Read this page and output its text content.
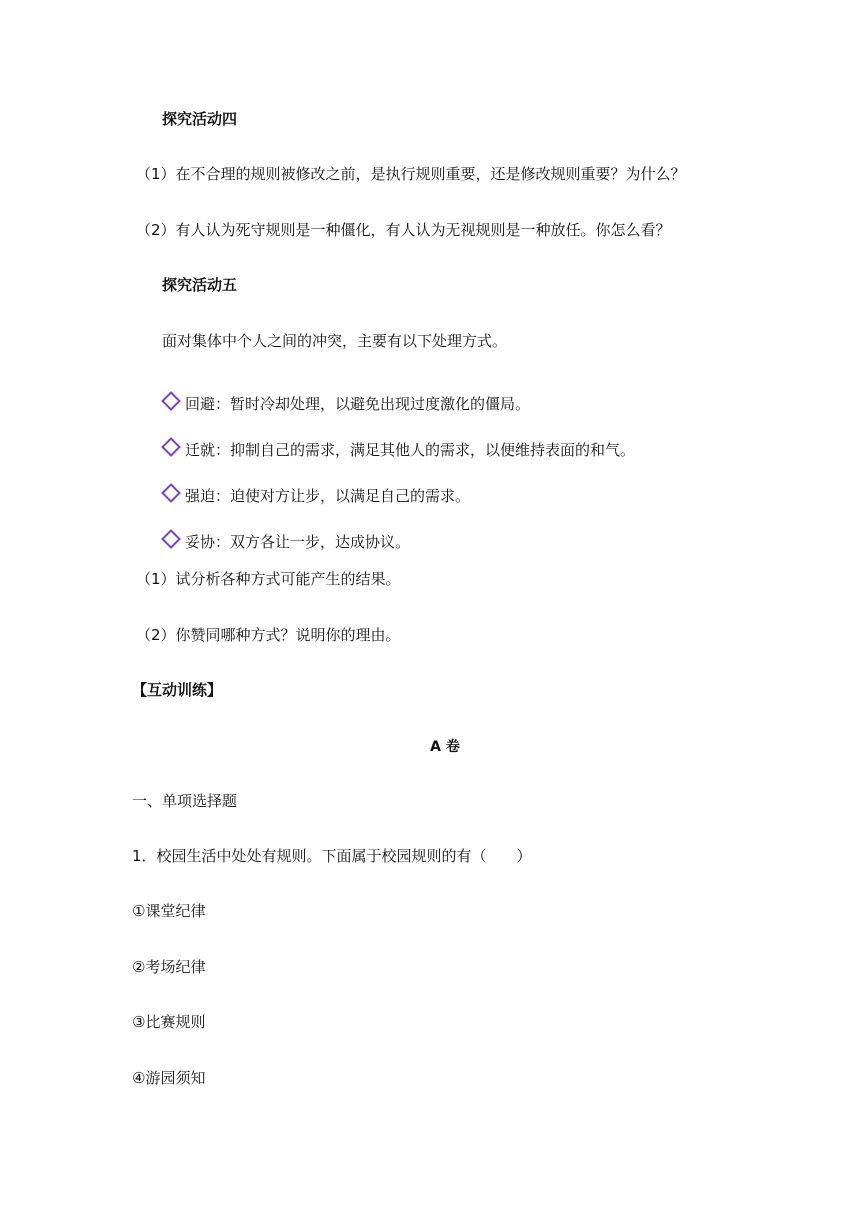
探究活动四
（1）在不合理的规则被修改之前，是执行规则重要，还是修改规则重要？为什么？
（2）有人认为死守规则是一种僵化，有人认为无视规则是一种放任。你怎么看？
探究活动五
面对集体中个人之间的冲突，主要有以下处理方式。
回避：暂时冷却处理，以避免出现过度激化的僵局。
迁就：抑制自己的需求，满足其他人的需求，以便维持表面的和气。
强迫：迫使对方让步，以满足自己的需求。
妥协：双方各让一步，达成协议。
（1）试分析各种方式可能产生的结果。
（2）你赞同哪种方式？说明你的理由。
【互动训练】
A 卷
一、单项选择题
1．校园生活中处处有规则。下面属于校园规则的有（　　）
①课堂纪律
②考场纪律
③比赛规则
④游园须知
